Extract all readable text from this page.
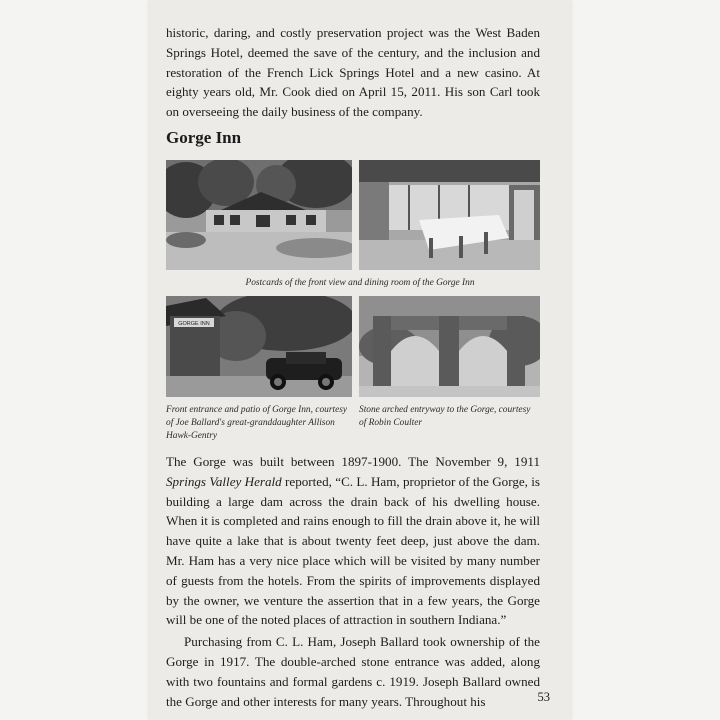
historic, daring, and costly preservation project was the West Baden Springs Hotel, deemed the save of the century, and the inclusion and restoration of the French Lick Springs Hotel and a new casino. At eighty years old, Mr. Cook died on April 15, 2011. His son Carl took on overseeing the daily business of the company.

Gorge Inn

Postcards of the front view and dining room of the Gorge Inn

GORGE INN

Front entrance and patio of Gorge Inn, courtesy of Joe Ballard's great-granddaughter Allison Hawk-Gentry

Stone arched entryway to the Gorge, courtesy of Robin Coulter

The Gorge was built between 1897-1900. The November 9, 1911 Springs Valley Herald reported, “C. L. Ham, proprietor of the Gorge, is building a large dam across the drain back of his dwelling house. When it is completed and rains enough to fill the drain above it, he will have quite a lake that is about twenty feet deep, just above the dam. Mr. Ham has a very nice place which will be visited by many number of guests from the hotels. From the spirits of improvements displayed by the owner, we venture the assertion that in a few years, the Gorge will be one of the noted places of attraction in southern Indiana.”

Purchasing from C. L. Ham, Joseph Ballard took ownership of the Gorge in 1917. The double-arched stone entrance was added, along with two fountains and formal gardens c. 1919. Joseph Ballard owned the Gorge and other interests for many years. Throughout his	53
